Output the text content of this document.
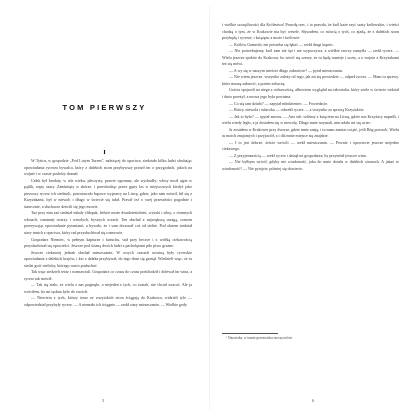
TOM PIERWSZY
I

W Tyńcu, w gospodzie „Pod Lutym Turem”, należącej do opactwa, siedziało kilku ludzi słuchając opowiadania rycerza bywalca, który z dalekich stron przybywszy prawił im o przygodach, jakich na wojnie i w czasie podróży doznał.

Człek był brodaty, w sile wieku, pleczysty, prawie ogromny, ale wychudły; włosy nosił ujęte w pątlik, rzęsy szary. Zamknięty w skórze, i przechodząc przez gęsty las w miejscowych kiedyś jako pierwszy rycerz ich siedzieli, pozostawało łupowe wyprawy na Litwę, gdzie, jako sam mówił, bił się z Krzyżakami, był w niewoli i długo w świecie się tułał. Prawił też o swej przeszłości pogodnie i statecznie, a słuchacze dziwili się jego mowie.

Tuż przy nim zaś siedział młody chłopak, ledwie może dwudziestoletni, wysoki i silny, o ciemnych włosach, rumianej twarzy i wesołych, bystrych oczach. Ten słuchał z największą uwagą, czasem przerywając opowiadanie pytaniami, a bywało, że i sam dorzucał coś od siebie. Pod oknem siedział stary mnich z opactwa, który rad przysłuchiwał się rozmowie.

Gospodarz Niemiec, w pełnym kapturze i fartuchu, stał przy beczce i z wielką ciekawością przysłuchiwał się opowieści. Jeszcze pod ścianą dwóch ludzi z pacholętami piło piwo grzane.

Jeszcze ciekawiej jednak słuchał mieszczanin. W owych czasach nowiną były rycerskie opowiadania z dalekich krajów, i kto z daleka przybywał, do tego tłum się garnął. Wiedzieli więc, że tu siedzi gość nielichy, którego warto posłuchać.

Tak więc siedzieli teraz i rozmawiali. Gospodarz co czasu do czasu podchodził i dolewał im wina, a rycerz tak mówił:

— Tak się stało, że wielu z nas poginęło, a niejeden z tych, co zostali, nie chciał wracać. Ale ja wróciłem, bo mi tęskno było do swoich.

— Niewieta z tych, którzy teraz ze wszystkich stron ściągają do Krakowa, widzieli tyle — odpowiedział przybyły rycerz. — A niemało ich ściągnie — rzekł stary mieszczanin. — Wielkie gody

5

i wielkie szczęśliwości dla Królestwa! Prawdę rzec, i to prawda, że król każe szyć szaty królewskie, i wieści chodzą o tym, że w Krakowie ma być wesele. Słyszałem, co mówią o tych, co zjadą, że z dalekich stron przybędą i rycerze, i książęta, a może i królowie.

— Królów Gamroth, nie potrzeba się lękać — rzekł drugi kupiec.

— Nie potrzebujemy, król sam nie śpi i nie wypoczywa, a wielkie rzeczy zamyśla — rzekł rycerz. — Wielu jeszcze zjedzie do Krakowa, bo wieść się szerzy, że tu będą turnieje i uczty, a o wojnie z Krzyżakami też się mówi.

— A wy się w naszym mieście długo zabawicie? — pytał mieszczanin.

— Nie wiem jeszcze, wszystko zależy od tego, jak mi się powiedzie — odparł rycerz. — Mam tu sprawy, które muszę załatwić, a potem zobaczę.

Gościa spojrzeli na niego z ciekawością, albowiem wyglądał na człowieka, który wiele w świecie widział i dużo przeżył, a mowa jego była poważna.

— Co się tam działo? — zapytał młodzieniec. — Powiedzcie.

— Bitwy, niewola i tułaczka — odrzekł rycerz — a wszystko za sprawą Krzyżaków.

— Jak to było? — spytał znowu. — Ano tak: szliśmy z księciem na Litwę, gdzie nas Krzyżacy napadli, i wielu wtedy legło, a ja dostałem się w niewolę. Długo mnie trzymali, nim udało mi się uciec.

Ja zostałem w Krakowie przy dworze, gdzie mnie znają, i tu mam zamiar osiąść, jeśli Bóg pozwoli. Wielu tu moich znajomych i przyjaciół, a i dla mnie miejsce się znajdzie.

— I to jest dobrze, żeście wrócili — rzekł mieszczanin. — Pewnie i opowiecie jeszcze niejedno ciekawego.

— Z przyjemnością — rzekł rycerz i skinął na gospodarza, by przyniósł jeszcze wina.

— Nie byłbym wrócił, gdyby nie wiadomość, jaka do mnie doszła w dalekich stronach. A jakaż to wiadomość? — Nie pytajcie, później się dowiecie.

¹ Nazwiska, w tomie przezwiska rzeczywiście.
6
